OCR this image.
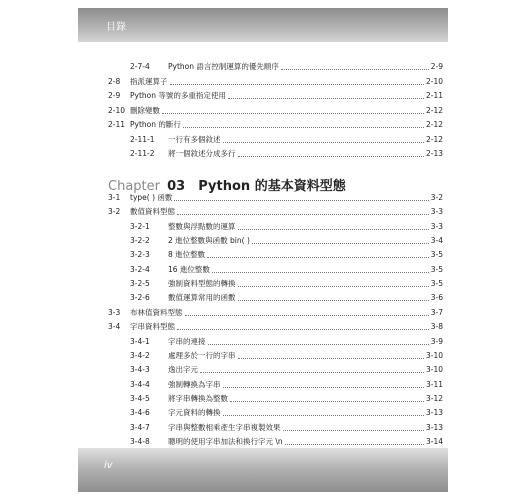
目錄
2-7-4	Python 語言控制運算的優先順序	2-9
2-8	指派運算子	2-10
2-9	Python 等號的多重指定使用	2-11
2-10 刪除變數	2-12
2-11 Python 的斷行	2-12
2-11-1	一行有多個敘述	2-12
2-11-2	將一個敘述分成多行	2-13
Chapter 03 Python 的基本資料型態
3-1	type( ) 函數	3-2
3-2	數值資料型態	3-3
3-2-1	整數與浮點數的運算	3-3
3-2-2	2 進位整數與函數 bin( )	3-4
3-2-3	8 進位整數	3-5
3-2-4	16 進位整數	3-5
3-2-5	強制資料型態的轉換	3-5
3-2-6	數值運算常用的函數	3-6
3-3	布林值資料型態	3-7
3-4	字串資料型態	3-8
3-4-1	字串的連接	3-9
3-4-2	處理多於一行的字串	3-10
3-4-3	逸出字元	3-10
3-4-4	強制轉換為字串	3-11
3-4-5	將字串轉換為整數	3-12
3-4-6	字元資料的轉換	3-13
3-4-7	字串與整數相乘產生字串複製效果	3-13
3-4-8	聰明的使用字串加法和換行字元 \n	3-14
iv
